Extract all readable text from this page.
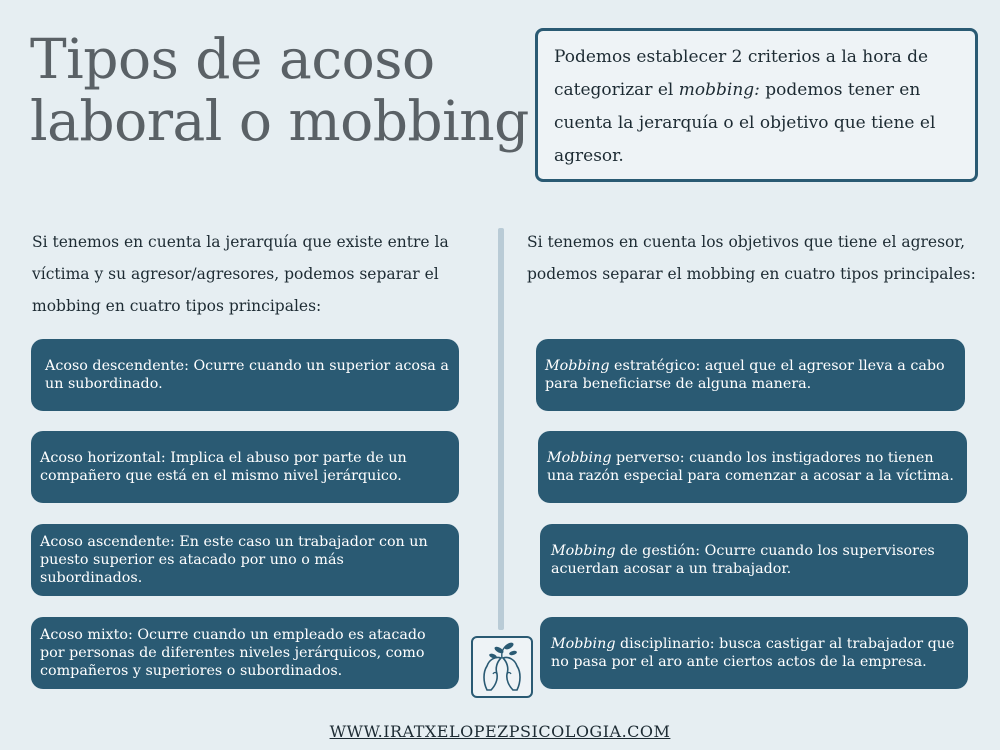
Tipos de acoso
laboral o mobbing
Podemos establecer 2 criterios a la hora de categorizar el mobbing: podemos tener en cuenta la jerarquía o el objetivo que tiene el agresor.
Si tenemos en cuenta la jerarquía que existe entre la víctima y su agresor/agresores, podemos separar el mobbing en cuatro tipos principales:
Si tenemos en cuenta los objetivos que tiene el agresor, podemos separar el mobbing en cuatro tipos principales:
Acoso descendente: Ocurre cuando un superior acosa a un subordinado.
Acoso horizontal: Implica el abuso por parte de un compañero que está en el mismo nivel jerárquico.
Acoso ascendente: En este caso un trabajador con un puesto superior es atacado por uno o más subordinados.
Acoso mixto: Ocurre cuando un empleado es atacado por personas de diferentes niveles jerárquicos, como compañeros y superiores o subordinados.
Mobbing estratégico: aquel que el agresor lleva a cabo para beneficiarse de alguna manera.
Mobbing perverso: cuando los instigadores no tienen una razón especial para comenzar a acosar a la víctima.
Mobbing de gestión: Ocurre cuando los supervisores acuerdan acosar a un trabajador.
Mobbing disciplinario: busca castigar al trabajador que no pasa por el aro ante ciertos actos de la empresa.
WWW.IRATXELOPEZPSICOLOGIA.COM
